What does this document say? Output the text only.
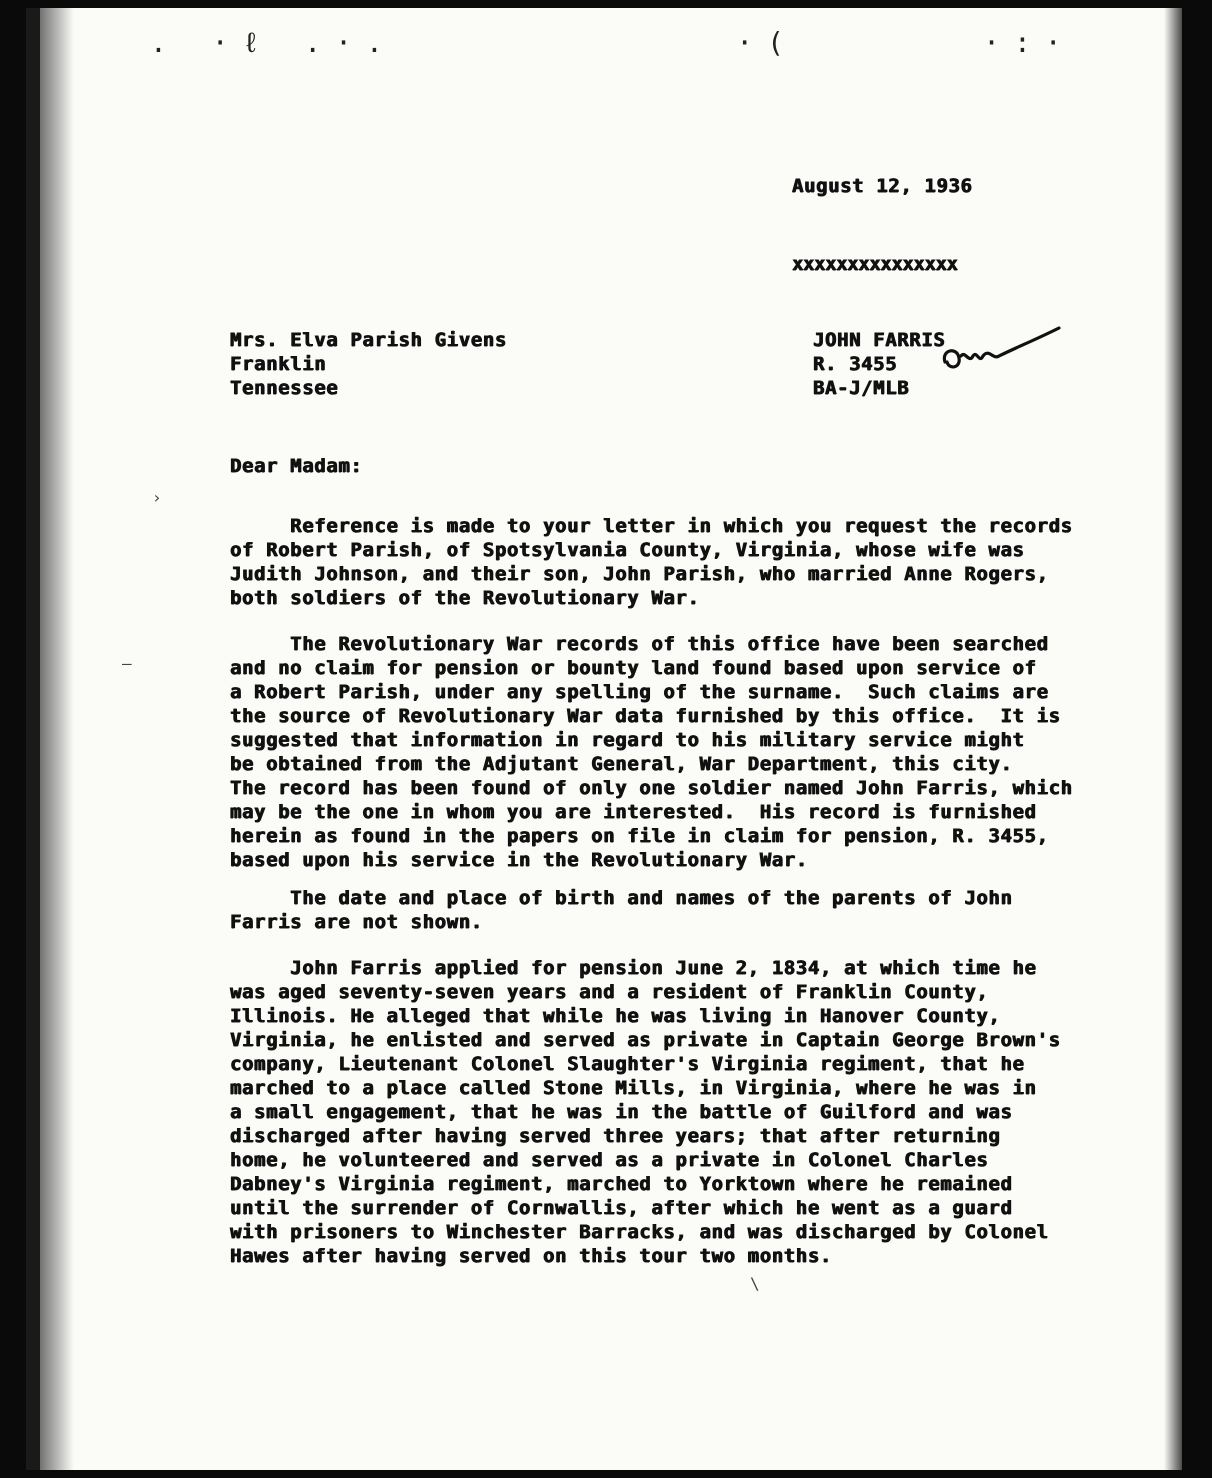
. ·ℓ .·.           ·(      ·:·
August 12, 1936
xxxxxxxxxxxxxxx
Mrs. Elva Parish Givens
Franklin
Tennessee
JOHN FARRIS
R. 3455
BA-J/MLB
Dear Madam:
Reference is made to your letter in which you request the records
of Robert Parish, of Spotsylvania County, Virginia, whose wife was
Judith Johnson, and their son, John Parish, who married Anne Rogers,
both soldiers of the Revolutionary War.
The Revolutionary War records of this office have been searched
and no claim for pension or bounty land found based upon service of
a Robert Parish, under any spelling of the surname.  Such claims are
the source of Revolutionary War data furnished by this office.  It is
suggested that information in regard to his military service might
be obtained from the Adjutant General, War Department, this city.
The record has been found of only one soldier named John Farris, which
may be the one in whom you are interested.  His record is furnished
herein as found in the papers on file in claim for pension, R. 3455,
based upon his service in the Revolutionary War.
The date and place of birth and names of the parents of John
Farris are not shown.
John Farris applied for pension June 2, 1834, at which time he
was aged seventy-seven years and a resident of Franklin County,
Illinois. He alleged that while he was living in Hanover County,
Virginia, he enlisted and served as private in Captain George Brown's
company, Lieutenant Colonel Slaughter's Virginia regiment, that he
marched to a place called Stone Mills, in Virginia, where he was in
a small engagement, that he was in the battle of Guilford and was
discharged after having served three years; that after returning
home, he volunteered and served as a private in Colonel Charles
Dabney's Virginia regiment, marched to Yorktown where he remained
until the surrender of Cornwallis, after which he went as a guard
with prisoners to Winchester Barracks, and was discharged by Colonel
Hawes after having served on this tour two months.
›
—
\
